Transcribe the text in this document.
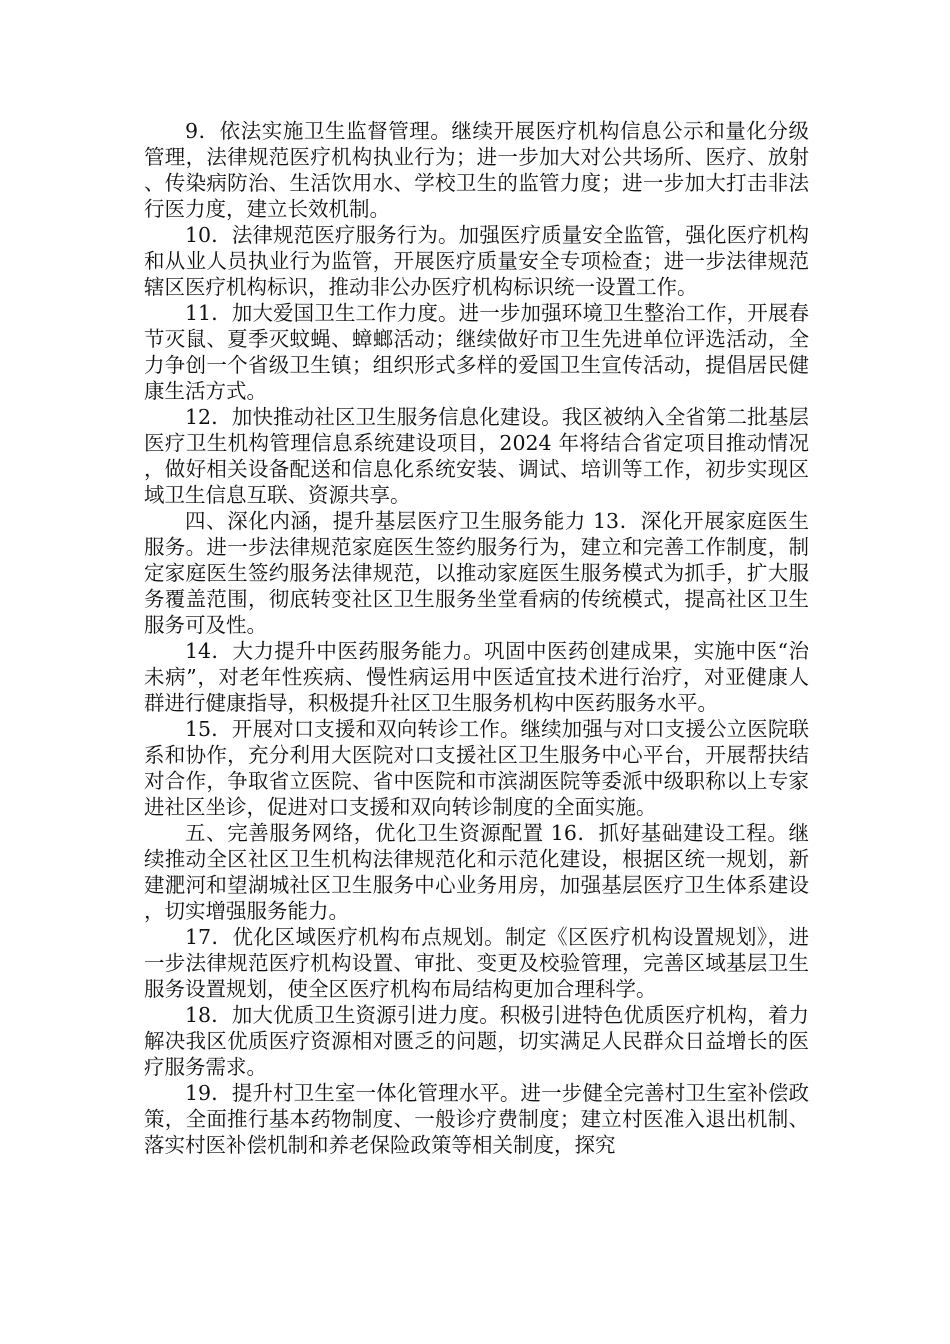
9．依法实施卫生监督管理。继续开展医疗机构信息公示和量化分级管理，法律规范医疗机构执业行为；进一步加大对公共场所、医疗、放射、传染病防治、生活饮用水、学校卫生的监管力度；进一步加大打击非法行医力度，建立长效机制。

10．法律规范医疗服务行为。加强医疗质量安全监管，强化医疗机构和从业人员执业行为监管，开展医疗质量安全专项检查；进一步法律规范辖区医疗机构标识，推动非公办医疗机构标识统一设置工作。

11．加大爱国卫生工作力度。进一步加强环境卫生整治工作，开展春节灭鼠、夏季灭蚊蝇、蟑螂活动；继续做好市卫生先进单位评选活动，全力争创一个省级卫生镇；组织形式多样的爱国卫生宣传活动，提倡居民健康生活方式。

12．加快推动社区卫生服务信息化建设。我区被纳入全省第二批基层医疗卫生机构管理信息系统建设项目，2024 年将结合省定项目推动情况，做好相关设备配送和信息化系统安装、调试、培训等工作，初步实现区域卫生信息互联、资源共享。

四、深化内涵，提升基层医疗卫生服务能力 13．深化开展家庭医生服务。进一步法律规范家庭医生签约服务行为，建立和完善工作制度，制定家庭医生签约服务法律规范，以推动家庭医生服务模式为抓手，扩大服务覆盖范围，彻底转变社区卫生服务坐堂看病的传统模式，提高社区卫生服务可及性。

14．大力提升中医药服务能力。巩固中医药创建成果，实施中医“治未病”，对老年性疾病、慢性病运用中医适宜技术进行治疗，对亚健康人群进行健康指导，积极提升社区卫生服务机构中医药服务水平。

15．开展对口支援和双向转诊工作。继续加强与对口支援公立医院联系和协作，充分利用大医院对口支援社区卫生服务中心平台，开展帮扶结对合作，争取省立医院、省中医院和市滨湖医院等委派中级职称以上专家进社区坐诊，促进对口支援和双向转诊制度的全面实施。

五、完善服务网络，优化卫生资源配置 16．抓好基础建设工程。继续推动全区社区卫生机构法律规范化和示范化建设，根据区统一规划，新建淝河和望湖城社区卫生服务中心业务用房，加强基层医疗卫生体系建设，切实增强服务能力。

17．优化区域医疗机构布点规划。制定《区医疗机构设置规划》，进一步法律规范医疗机构设置、审批、变更及校验管理，完善区域基层卫生服务设置规划，使全区医疗机构布局结构更加合理科学。

18．加大优质卫生资源引进力度。积极引进特色优质医疗机构，着力解决我区优质医疗资源相对匮乏的问题，切实满足人民群众日益增长的医疗服务需求。

19．提升村卫生室一体化管理水平。进一步健全完善村卫生室补偿政策，全面推行基本药物制度、一般诊疗费制度；建立村医准入退出机制、落实村医补偿机制和养老保险政策等相关制度，探究
